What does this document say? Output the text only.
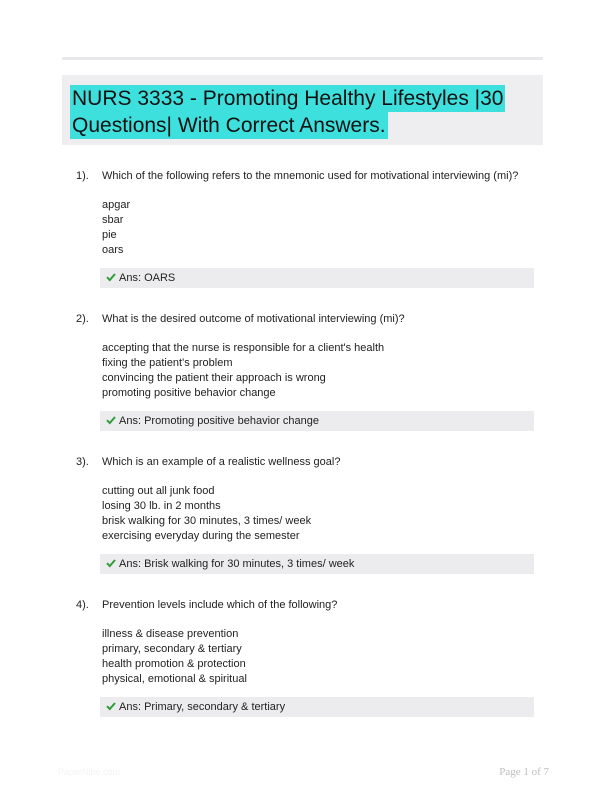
NURS 3333 - Promoting Healthy Lifestyles |30 Questions| With Correct Answers.
1). Which of the following refers to the mnemonic used for motivational interviewing (mi)?
apgar
sbar
pie
oars
Ans: OARS
2). What is the desired outcome of motivational interviewing (mi)?
accepting that the nurse is responsible for a client's health
fixing the patient's problem
convincing the patient their approach is wrong
promoting positive behavior change
Ans: Promoting positive behavior change
3). Which is an example of a realistic wellness goal?
cutting out all junk food
losing 30 lb. in 2 months
brisk walking for 30 minutes, 3 times/ week
exercising everyday during the semester
Ans: Brisk walking for 30 minutes, 3 times/ week
4). Prevention levels include which of the following?
illness & disease prevention
primary, secondary & tertiary
health promotion & protection
physical, emotional & spiritual
Ans: Primary, secondary & tertiary
PaperNibe.com	Page 1 of 7
